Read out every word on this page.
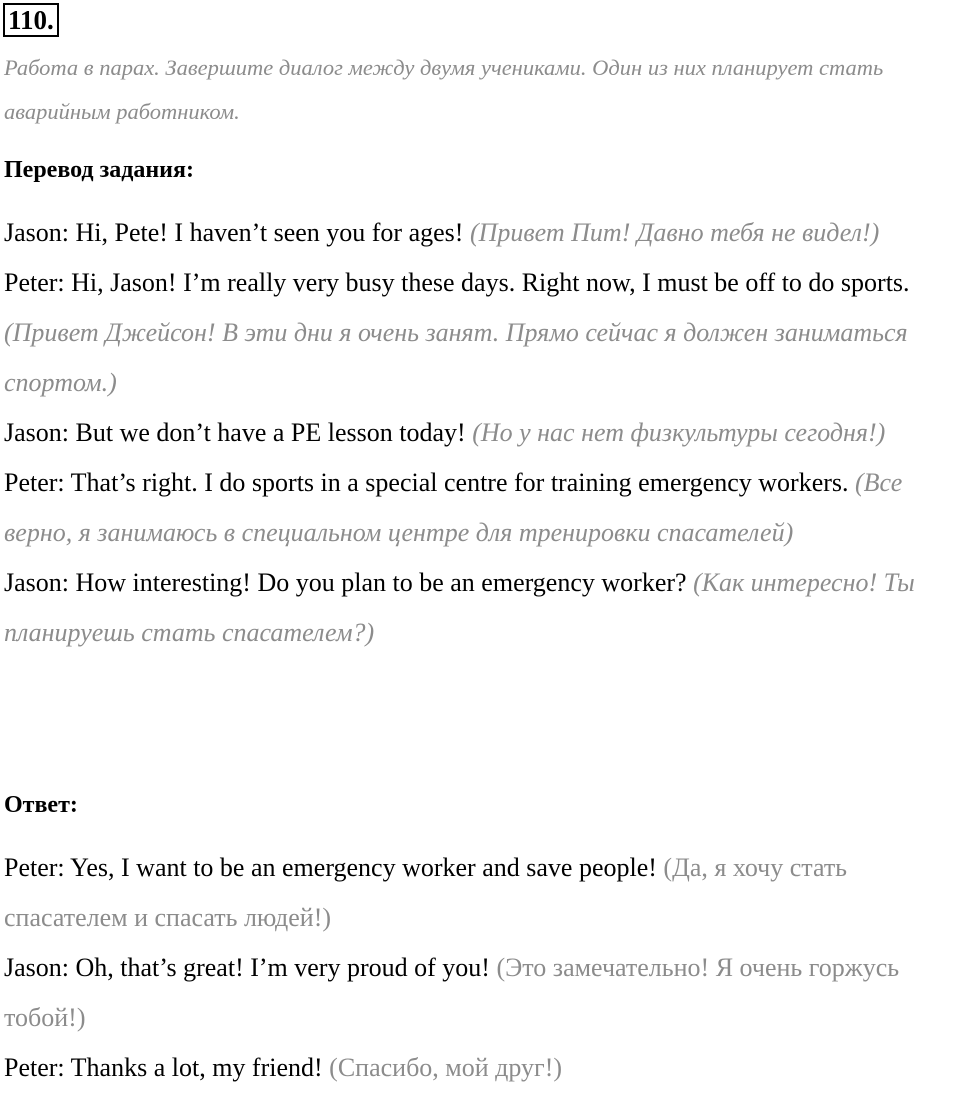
110.
Работа в парах. Завершите диалог между двумя учениками. Один из них планирует стать аварийным работником.
Перевод задания:
Jason: Hi, Pete! I haven’t seen you for ages! (Привет Пит! Давно тебя не видел!)
Peter: Hi, Jason! I’m really very busy these days. Right now, I must be off to do sports. (Привет Джейсон! В эти дни я очень занят. Прямо сейчас я должен заниматься спортом.)
Jason: But we don’t have a PE lesson today! (Но у нас нет физкультуры сегодня!)
Peter: That’s right. I do sports in a special centre for training emergency workers. (Все верно, я занимаюсь в специальном центре для тренировки спасателей)
Jason: How interesting! Do you plan to be an emergency worker? (Как интересно! Ты планируешь стать спасателем?)
Ответ:
Peter: Yes, I want to be an emergency worker and save people! (Да, я хочу стать спасателем и спасать людей!)
Jason: Oh, that’s great! I’m very proud of you! (Это замечательно! Я очень горжусь тобой!)
Peter: Thanks a lot, my friend! (Спасибо, мой друг!)
